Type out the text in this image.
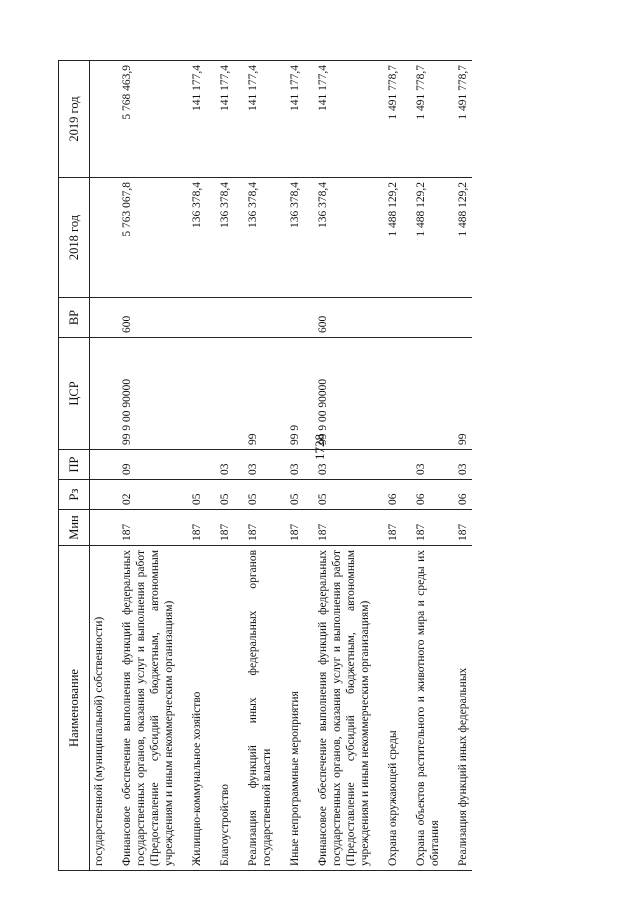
1728
Наименование	Мин	Рз	ПР	ЦСР	ВР	2018 год	2019 год
государственной (муниципальной) собственности)							
Финансовое обеспечение выполнения функций федеральных государственных органов, оказания услуг и выполнения работ (Предоставление субсидий бюджетным, автономным учреждениям и иным некоммерческим организациям)	187	02	09	99 9 00 90000	600	5 763 067,8	5 768 463,9
Жилищно-коммунальное хозяйство	187	05				136 378,4	141 177,4
Благоустройство	187	05	03			136 378,4	141 177,4
Реализация функций иных федеральных органов государственной власти	187	05	03	99		136 378,4	141 177,4
Иные непрограммные мероприятия	187	05	03	99 9		136 378,4	141 177,4
Финансовое обеспечение выполнения функций федеральных государственных органов, оказания услуг и выполнения работ (Предоставление субсидий бюджетным, автономным учреждениям и иным некоммерческим организациям)	187	05	03	99 9 00 90000	600	136 378,4	141 177,4
Охрана окружающей среды	187	06				1 488 129,2	1 491 778,7
Охрана объектов растительного и животного мира и среды их обитания	187	06	03			1 488 129,2	1 491 778,7
Реализация функций иных федеральных	187	06	03	99		1 488 129,2	1 491 778,7
